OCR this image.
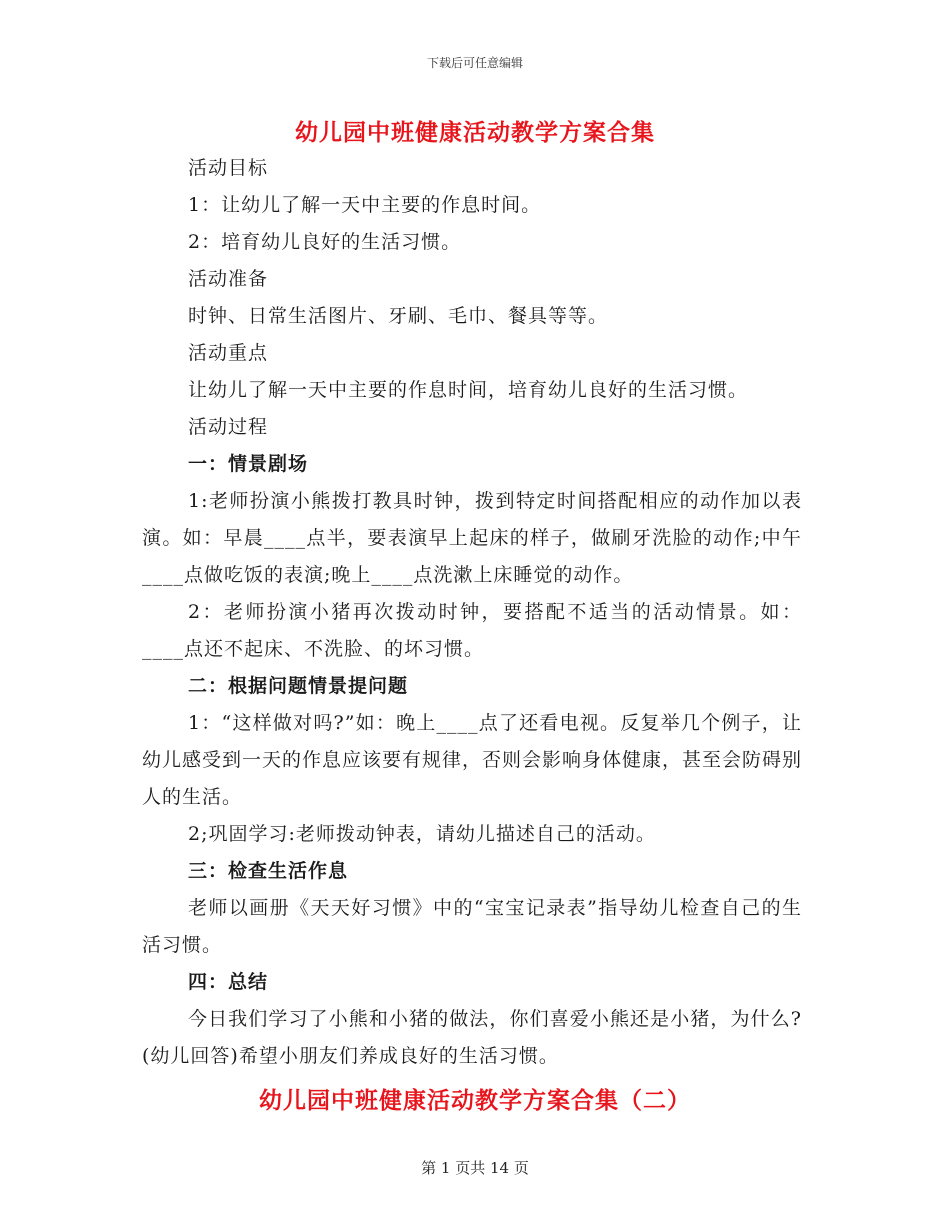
下载后可任意编辑
幼儿园中班健康活动教学方案合集

活动目标

1：让幼儿了解一天中主要的作息时间。

2：培育幼儿良好的生活习惯。

活动准备

时钟、日常生活图片、牙刷、毛巾、餐具等等。

活动重点

让幼儿了解一天中主要的作息时间，培育幼儿良好的生活习惯。

活动过程

一：情景剧场

1:老师扮演小熊拨打教具时钟，拨到特定时间搭配相应的动作加以表演。如：早晨____点半，要表演早上起床的样子，做刷牙洗脸的动作;中午____点做吃饭的表演;晚上____点洗漱上床睡觉的动作。

2：老师扮演小猪再次拨动时钟，要搭配不适当的活动情景。如：____点还不起床、不洗脸、的坏习惯。

二：根据问题情景提问题

1：“这样做对吗?”如：晚上____点了还看电视。反复举几个例子，让幼儿感受到一天的作息应该要有规律，否则会影响身体健康，甚至会防碍别人的生活。

2;巩固学习:老师拨动钟表，请幼儿描述自己的活动。

三：检查生活作息

老师以画册《天天好习惯》中的“宝宝记录表”指导幼儿检查自己的生活习惯。

四：总结

今日我们学习了小熊和小猪的做法，你们喜爱小熊还是小猪，为什么?(幼儿回答)希望小朋友们养成良好的生活习惯。

幼儿园中班健康活动教学方案合集（二）
第 1 页共 14 页
